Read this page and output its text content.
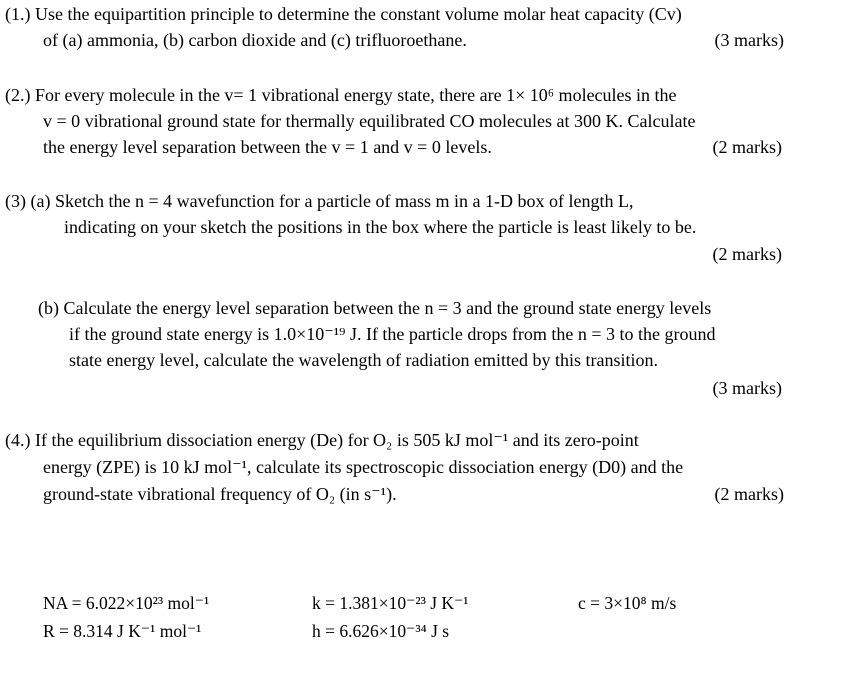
(1.) Use the equipartition principle to determine the constant volume molar heat capacity (Cv)
of (a) ammonia, (b) carbon dioxide and (c) trifluoroethane.	(3 marks)
(2.) For every molecule in the v= 1 vibrational energy state, there are 1× 10⁶ molecules in the
v = 0 vibrational ground state for thermally equilibrated CO molecules at 300 K. Calculate
the energy level separation between the v = 1 and v = 0 levels.	(2 marks)
(3) (a) Sketch the n = 4 wavefunction for a particle of mass m in a 1-D box of length L,
indicating on your sketch the positions in the box where the particle is least likely to be.
(2 marks)
(b) Calculate the energy level separation between the n = 3 and the ground state energy levels
if the ground state energy is 1.0×10⁻¹⁹ J. If the particle drops from the n = 3 to the ground
state energy level, calculate the wavelength of radiation emitted by this transition.
(3 marks)
(4.) If the equilibrium dissociation energy (De) for O₂ is 505 kJ mol⁻¹ and its zero-point
energy (ZPE) is 10 kJ mol⁻¹, calculate its spectroscopic dissociation energy (D0) and the
ground-state vibrational frequency of O₂ (in s⁻¹).	(2 marks)
NA = 6.022×10²³ mol⁻¹
R = 8.314 J K⁻¹ mol⁻¹
k = 1.381×10⁻²³ J K⁻¹
h = 6.626×10⁻³⁴ J s
c = 3×10⁸ m/s
